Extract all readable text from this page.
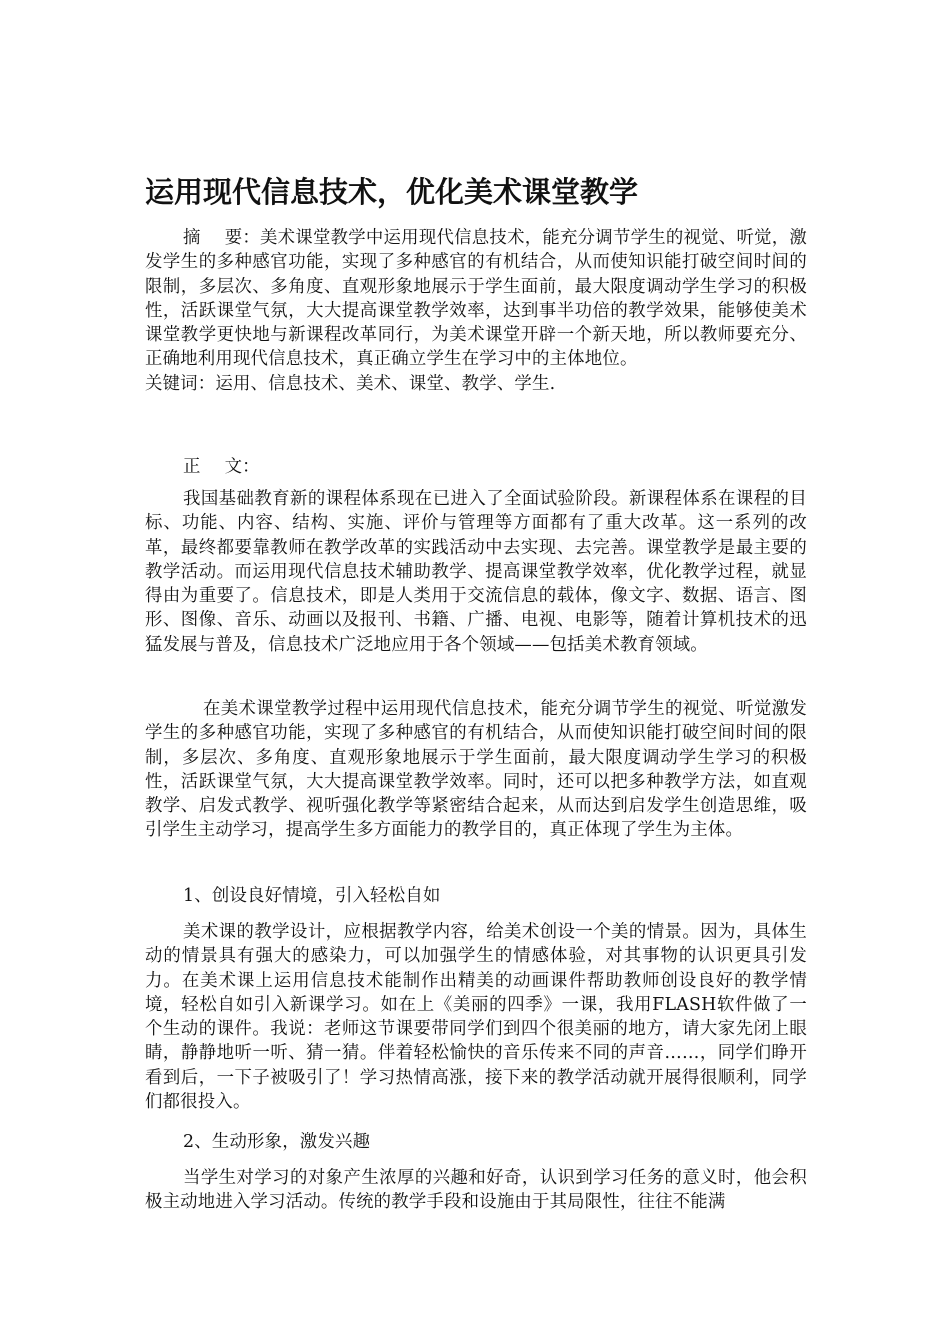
运用现代信息技术，优化美术课堂教学

摘 要：美术课堂教学中运用现代信息技术，能充分调节学生的视觉、听觉，激发学生的多种感官功能，实现了多种感官的有机结合，从而使知识能打破空间时间的限制，多层次、多角度、直观形象地展示于学生面前，最大限度调动学生学习的积极性，活跃课堂气氛，大大提高课堂教学效率，达到事半功倍的教学效果，能够使美术课堂教学更快地与新课程改革同行，为美术课堂开辟一个新天地，所以教师要充分、正确地利用现代信息技术，真正确立学生在学习中的主体地位。

关键词：运用、信息技术、美术、课堂、教学、学生.

正 文：

我国基础教育新的课程体系现在已进入了全面试验阶段。新课程体系在课程的目标、功能、内容、结构、实施、评价与管理等方面都有了重大改革。这一系列的改革，最终都要靠教师在教学改革的实践活动中去实现、去完善。课堂教学是最主要的教学活动。而运用现代信息技术辅助教学、提高课堂教学效率，优化教学过程，就显得由为重要了。信息技术，即是人类用于交流信息的载体，像文字、数据、语言、图形、图像、音乐、动画以及报刊、书籍、广播、电视、电影等，随着计算机技术的迅猛发展与普及，信息技术广泛地应用于各个领域——包括美术教育领域。

在美术课堂教学过程中运用现代信息技术，能充分调节学生的视觉、听觉激发学生的多种感官功能，实现了多种感官的有机结合，从而使知识能打破空间时间的限制，多层次、多角度、直观形象地展示于学生面前，最大限度调动学生学习的积极性，活跃课堂气氛，大大提高课堂教学效率。同时，还可以把多种教学方法，如直观教学、启发式教学、视听强化教学等紧密结合起来，从而达到启发学生创造思维，吸引学生主动学习，提高学生多方面能力的教学目的，真正体现了学生为主体。

1、创设良好情境，引入轻松自如

美术课的教学设计，应根据教学内容，给美术创设一个美的情景。因为，具体生动的情景具有强大的感染力，可以加强学生的情感体验，对其事物的认识更具引发力。在美术课上运用信息技术能制作出精美的动画课件帮助教师创设良好的教学情境，轻松自如引入新课学习。如在上《美丽的四季》一课，我用FLASH软件做了一个生动的课件。我说：老师这节课要带同学们到四个很美丽的地方，请大家先闭上眼睛，静静地听一听、猜一猜。伴着轻松愉快的音乐传来不同的声音……，同学们睁开看到后，一下子被吸引了！学习热情高涨，接下来的教学活动就开展得很顺利，同学们都很投入。

2、生动形象，激发兴趣

当学生对学习的对象产生浓厚的兴趣和好奇，认识到学习任务的意义时，他会积极主动地进入学习活动。传统的教学手段和设施由于其局限性，往往不能满
